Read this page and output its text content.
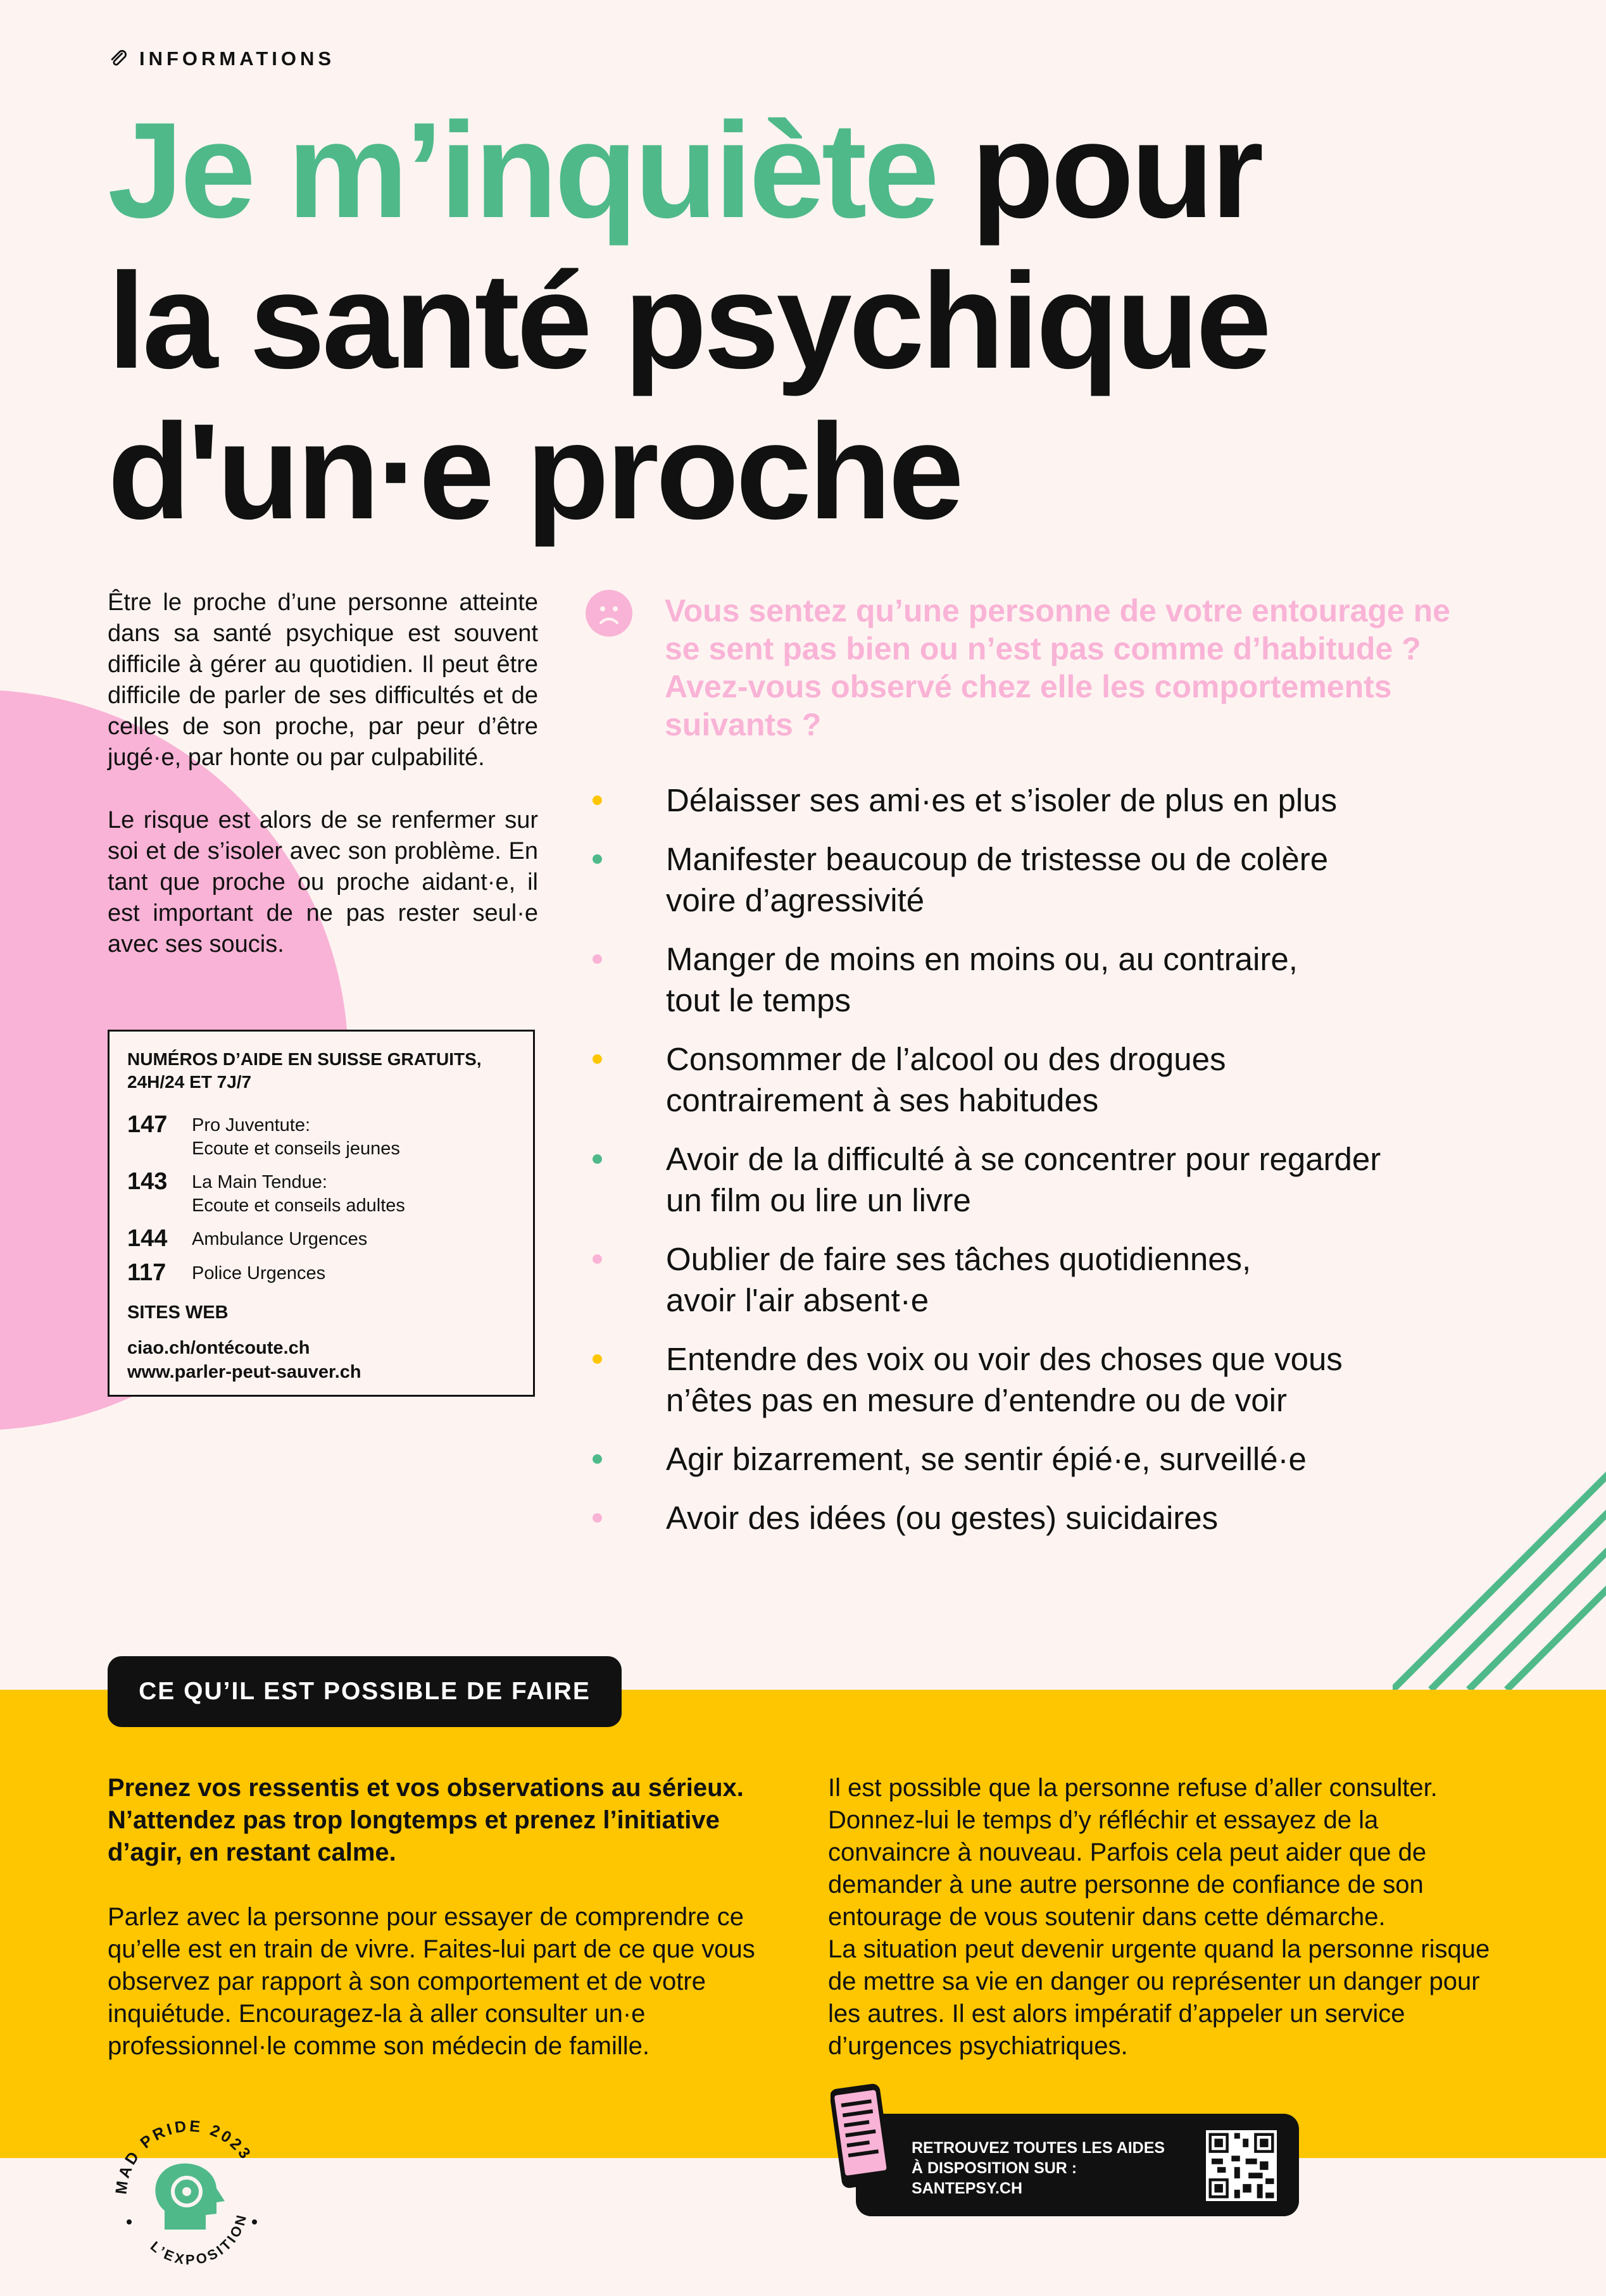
INFORMATIONS
Je m’inquiète pour
la santé psychique
d'un·e proche

Être le proche d’une personne atteinte dans sa santé psychique est souvent difficile à gérer au quotidien. Il peut être difficile de parler de ses difficultés et de celles de son proche, par peur d’être jugé·e, par honte ou par culpabilité.

Le risque est alors de se renfermer sur soi et de s’isoler avec son problème. En tant que proche ou proche aidant·e, il est important de ne pas rester seul·e avec ses soucis.

NUMÉROS D’AIDE EN SUISSE GRATUITS, 24H/24 ET 7J/7
147	Pro Juventute:
Ecoute et conseils jeunes
143	La Main Tendue:
Ecoute et conseils adultes
144	Ambulance Urgences
117	Police Urgences
SITES WEB
ciao.ch/ontécoute.ch
www.parler-peut-sauver.ch
Vous sentez qu’une personne de votre entourage ne se sent pas bien ou n’est pas comme d’habitude ? Avez-vous observé chez elle les comportements suivants ?
Délaisser ses ami·es et s’isoler de plus en plus
Manifester beaucoup de tristesse ou de colère
voire d’agressivité
Manger de moins en moins ou, au contraire,
tout le temps
Consommer de l’alcool ou des drogues
contrairement à ses habitudes
Avoir de la difficulté à se concentrer pour regarder
un film ou lire un livre
Oublier de faire ses tâches quotidiennes,
avoir l'air absent·e
Entendre des voix ou voir des choses que vous
n’êtes pas en mesure d’entendre ou de voir
Agir bizarrement, se sentir épié·e, surveillé·e
Avoir des idées (ou gestes) suicidaires
CE QU’IL EST POSSIBLE DE FAIRE

Prenez vos ressentis et vos observations au sérieux. N’attendez pas trop longtemps et prenez l’initiative d’agir, en restant calme.

Parlez avec la personne pour essayer de comprendre ce qu’elle est en train de vivre. Faites-lui part de ce que vous observez par rapport à son comportement et de votre inquiétude. Encouragez-la à aller consulter un·e professionnel·le comme son médecin de famille.

Il est possible que la personne refuse d’aller consulter. Donnez-lui le temps d’y réfléchir et essayez de la convaincre à nouveau. Parfois cela peut aider que de demander à une autre personne de confiance de son entourage de vous soutenir dans cette démarche.

La situation peut devenir urgente quand la personne risque de mettre sa vie en danger ou représenter un danger pour les autres. Il est alors impératif d’appeler un service d’urgences psychiatriques.

RETROUVEZ TOUTES LES AIDES
À DISPOSITION SUR :
SANTEPSY.CH
MAD PRIDE 2023
L’EXPOSITION
